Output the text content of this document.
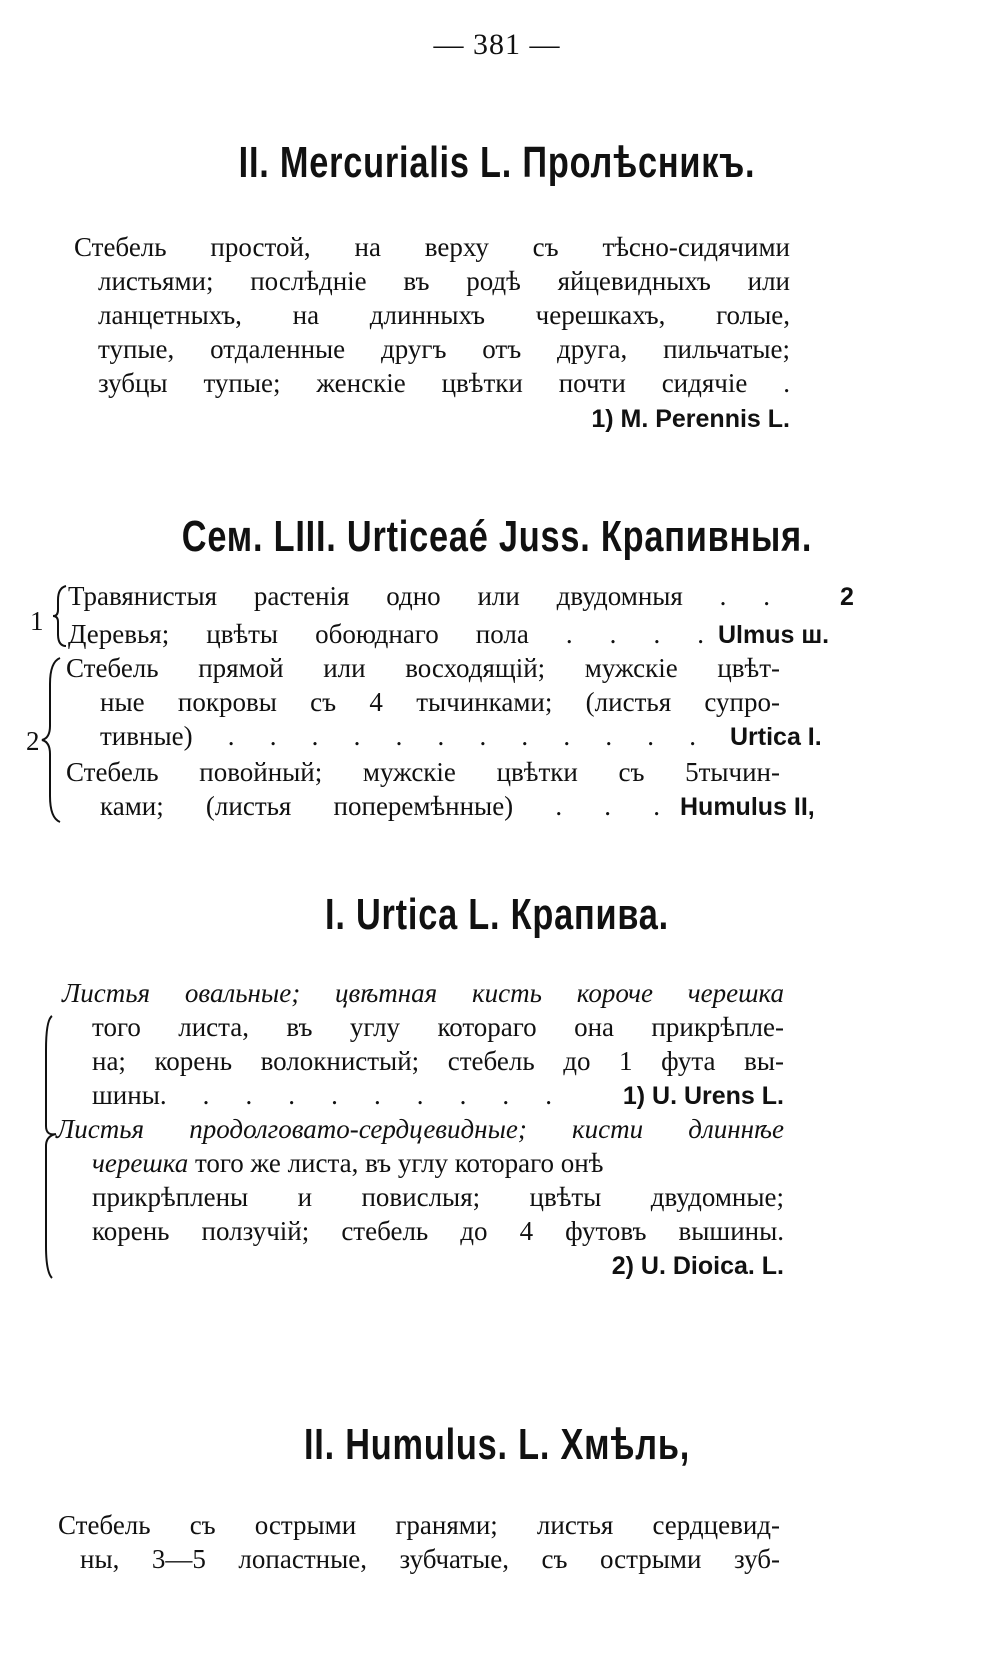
— 381 —
II. Mercurialis L. Пролѣсникъ.
Стебель простой, на верху съ тѣсно-сидячими
листьями; послѣдніе въ родѣ яйцевидныхъ или
ланцетныхъ, на длинныхъ черешкахъ, голые,
тупые, отдаленные другъ отъ друга, пильчатые;
зубцы тупые; женскіе цвѣтки почти сидячіе .
1) M. Perennis L.
Сем. LIII. Urticeaé Juss. Крапивныя.
1
Травянистыя растенія одно или двудомныя . .	2
Деревья; цвѣты обоюднаго пола . . . . Ulmus ш.
2
Стебель прямой или восходящій; мужскіе цвѣт-
ные покровы съ 4 тычинками; (листья супро-
тивные) . . . . . . . . . . . . Urtica I.
Стебель повойный; мужскіе цвѣтки съ 5тычин-
ками; (листья поперемѣнные) . . . Humulus II,
I. Urtica L. Крапива.
Листья овальные; цвѣтная кисть короче черешка
того листа, въ углу котораго она прикрѣпле-
на; корень волокнистый; стебель до 1 фута вы-
шины. . . . . . . . . .	1) U. Urens L.
Листья продолговато-сердцевидные; кисти длиннѣе
черешка того же листа, въ углу котораго онѣ
прикрѣплены и повислыя; цвѣты двудомные;
корень ползучій; стебель до 4 футовъ вышины.
2) U. Dioica. L.
II. Humulus. L. Хмѣль,
Стебель съ острыми гранями; листья сердцевид-
ны, 3—5 лопастные, зубчатые, съ острыми зуб-
